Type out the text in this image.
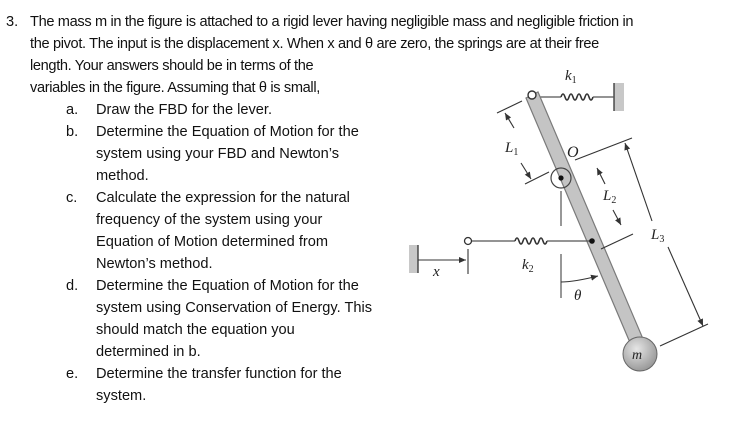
3. The mass m in the figure is attached to a rigid lever having negligible mass and negligible friction in
the pivot. The input is the displacement x. When x and θ are zero, the springs are at their free
length. Your answers should be in terms of the
variables in the figure. Assuming that θ is small,
a. Draw the FBD for the lever.
b. Determine the Equation of Motion for the
system using your FBD and Newton’s
method.
c. Calculate the expression for the natural
frequency of the system using your
Equation of Motion determined from
Newton’s method.
d. Determine the Equation of Motion for the
system using Conservation of Energy. This
should match the equation you
determined in b.
e. Determine the transfer function for the
system.
$k_1$
O
θ
$L_1$
$L_2$
$L_3$
$k_2$
x
m
